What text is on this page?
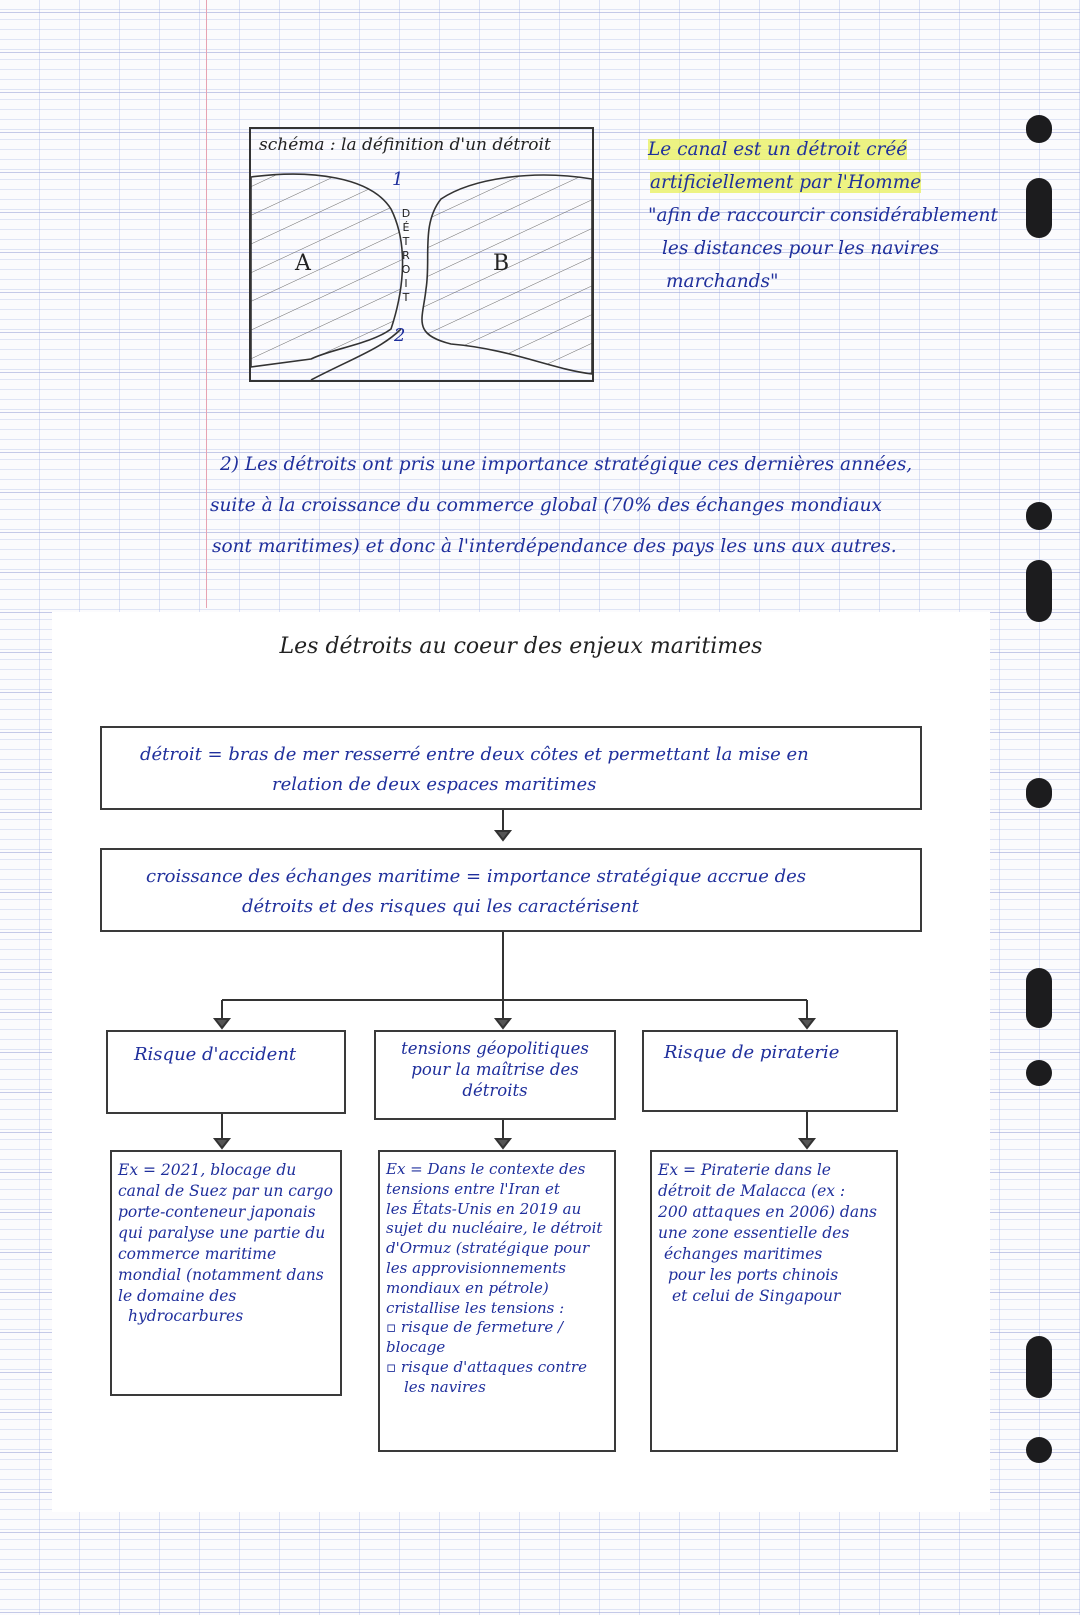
schéma : la définition d'un détroit
1
2
A	B
D
É
T
R
O
I
T
Le canal est un détroit créé
artificiellement par l'Homme
"afin de raccourcir considérablement
les distances pour les navires
marchands"
2) Les détroits ont pris une importance stratégique ces dernières années,
suite à la croissance du commerce global (70% des échanges mondiaux
sont maritimes) et donc à l'interdépendance des pays les uns aux autres.
Les détroits au coeur des enjeux maritimes
détroit = bras de mer resserré entre deux côtes et permettant la mise en
relation de deux espaces maritimes
croissance des échanges maritime = importance stratégique accrue des
détroits et des risques qui les caractérisent
Risque d'accident	tensions géopolitiques
pour la maîtrise des
détroits
Risque de piraterie
Ex = 2021, blocage du
canal de Suez par un cargo
porte-conteneur japonais
qui paralyse une partie du
commerce maritime
mondial (notamment dans
le domaine des
hydrocarbures
Ex = Dans le contexte des
tensions entre l'Iran et
les États-Unis en 2019 au
sujet du nucléaire, le détroit
d'Ormuz (stratégique pour
les approvisionnements
mondiaux en pétrole)
cristallise les tensions :
▫ risque de fermeture / blocage
▫ risque d'attaques contre
les navires
Ex = Piraterie dans le
détroit de Malacca (ex :
200 attaques en 2006) dans
une zone essentielle des
échanges maritimes
pour les ports chinois
et celui de Singapour
